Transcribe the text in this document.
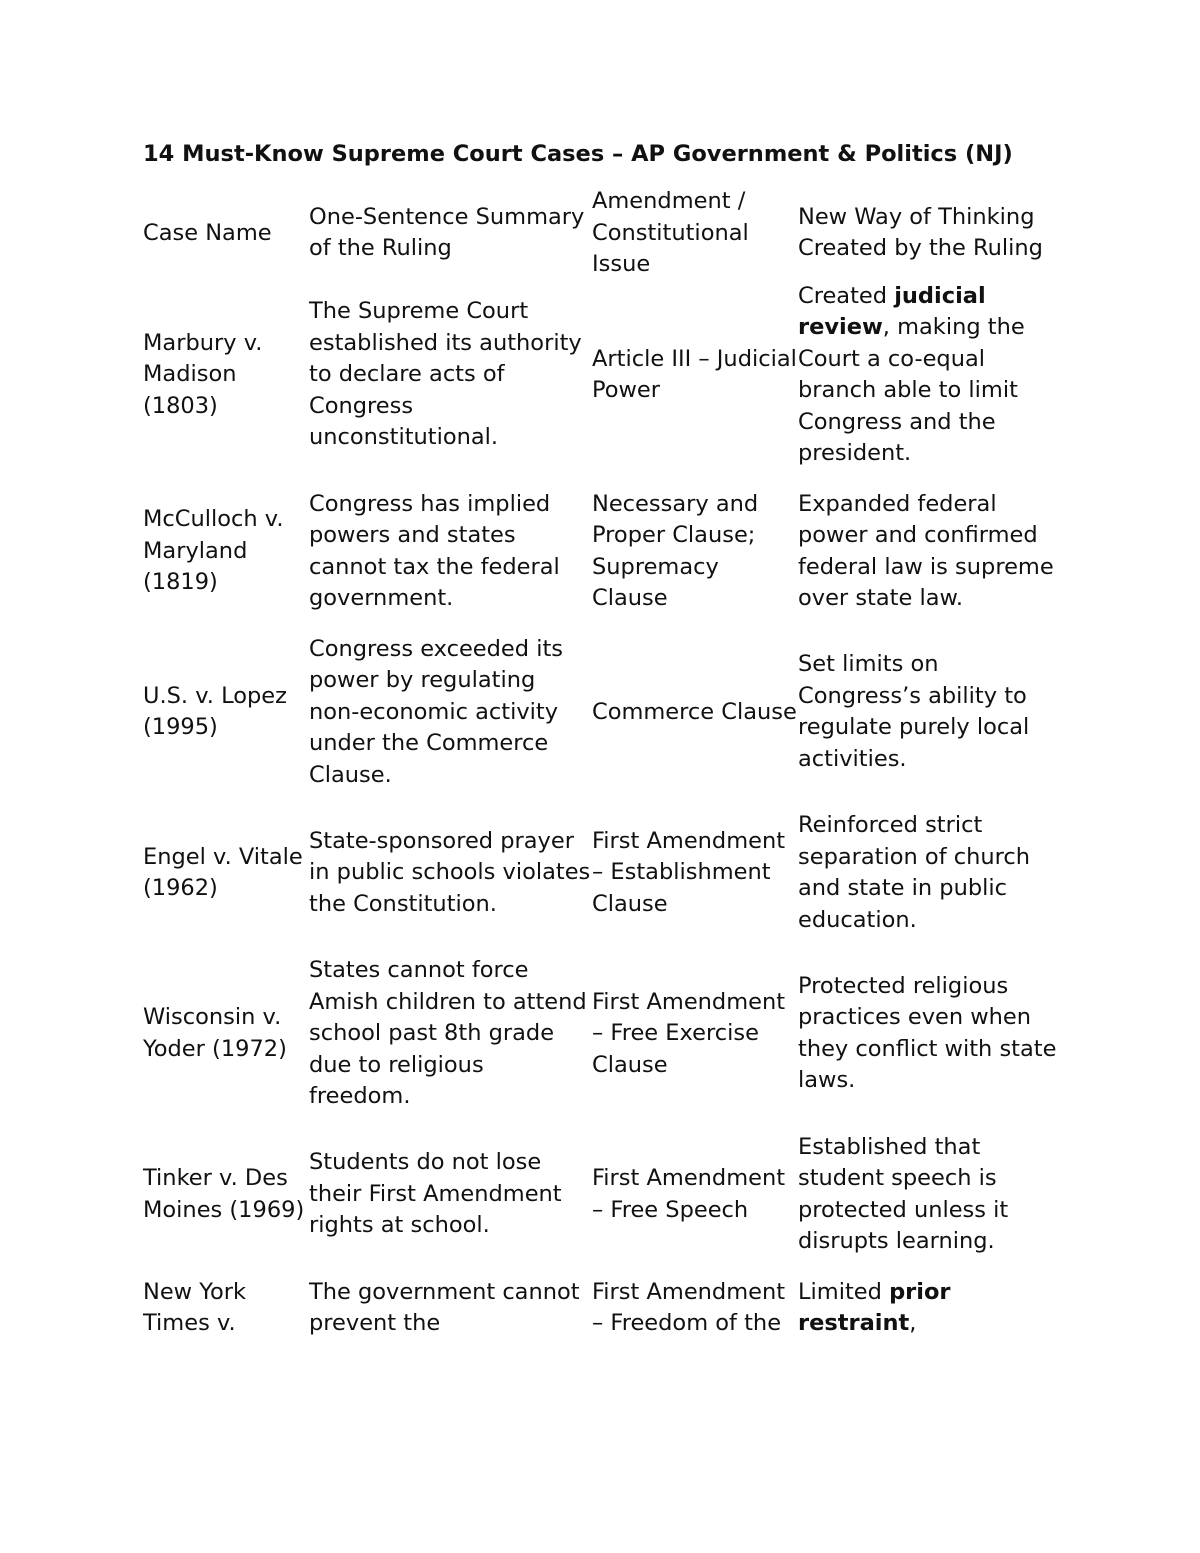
14 Must-Know Supreme Court Cases – AP Government & Politics (NJ)
Case Name	One-Sentence Summary of the Ruling	Amendment / Constitutional Issue	New Way of Thinking Created by the Ruling
Marbury v. Madison (1803)	The Supreme Court established its authority to declare acts of Congress unconstitutional.	Article III – Judicial Power	Created judicial review, making the Court a co-equal branch able to limit Congress and the president.
McCulloch v. Maryland (1819)	Congress has implied powers and states cannot tax the federal government.	Necessary and Proper Clause; Supremacy Clause	Expanded federal power and confirmed federal law is supreme over state law.
U.S. v. Lopez (1995)	Congress exceeded its power by regulating non-economic activity under the Commerce Clause.	Commerce Clause	Set limits on Congress’s ability to regulate purely local activities.
Engel v. Vitale (1962)	State-sponsored prayer in public schools violates the Constitution.	First Amendment – Establishment Clause	Reinforced strict separation of church and state in public education.
Wisconsin v. Yoder (1972)	States cannot force Amish children to attend school past 8th grade due to religious freedom.	First Amendment – Free Exercise Clause	Protected religious practices even when they conflict with state laws.
Tinker v. Des Moines (1969)	Students do not lose their First Amendment rights at school.	First Amendment – Free Speech	Established that student speech is protected unless it disrupts learning.
New York Times v.	The government cannot prevent the	First Amendment – Freedom of the	Limited prior restraint,
